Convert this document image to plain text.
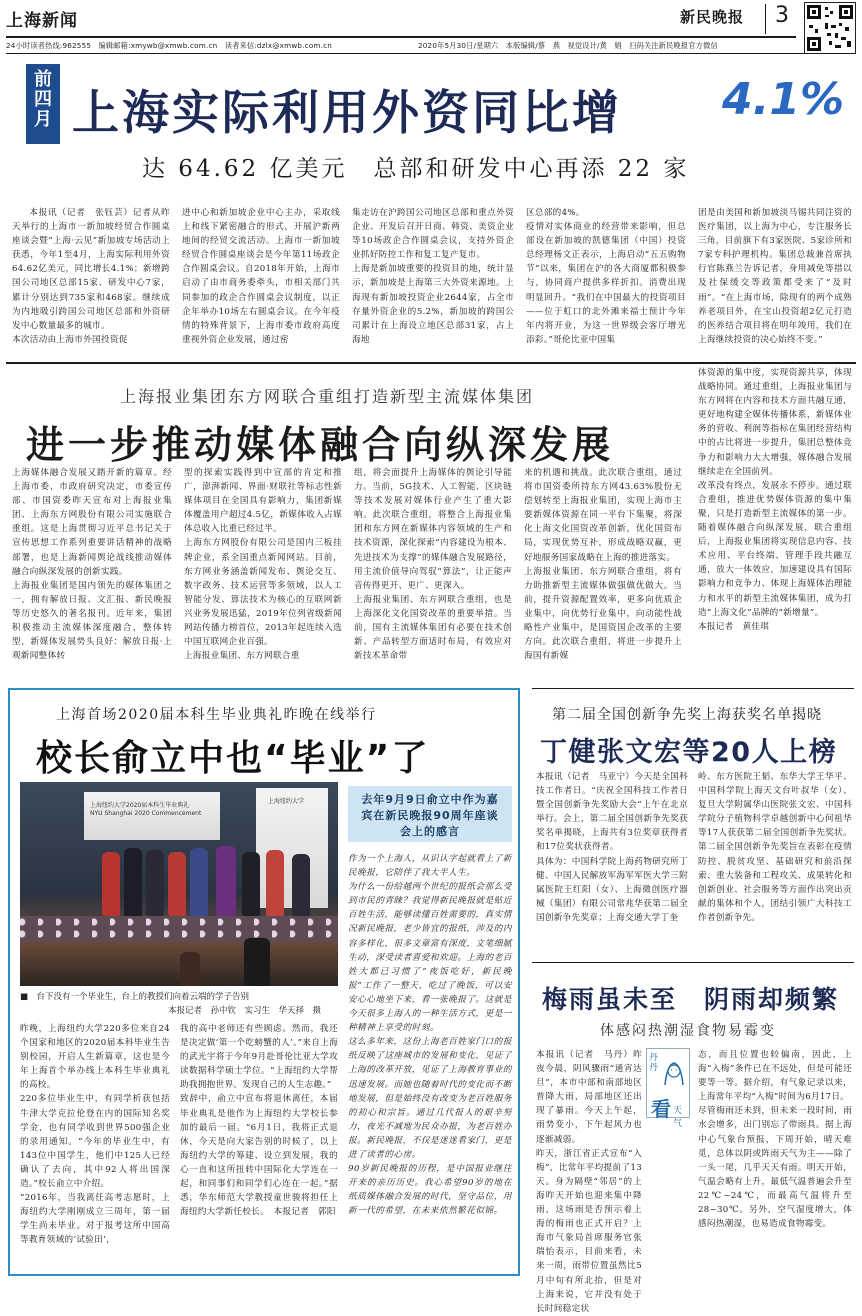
上海新闻	新民晚报 3
24小时读者热线:962555　编辑邮箱:xmywb@xmwb.com.cn　读者来信:dzlx@xmwb.com.cn	2020年5月30日/星期六　本版编辑/蔡　燕　视觉设计/黄　娟　扫码关注新民晚报官方微信
前四月 上海实际利用外资同比增 4.1%
达 64.62 亿美元　总部和研发中心再添 22 家
本报讯（记者　张钰芸）记者从昨天举行的上海市一新加坡经贸合作圆桌座谈会暨“上海·云见”新加坡专场活动上获悉，今年1至4月，上海实际利用外资64.62亿美元，同比增长4.1%；新增跨国公司地区总部15家、研发中心7家，累计分别达到735家和468家。继续成为内地吸引跨国公司地区总部和外资研发中心数量最多的城市。
本次活动由上海市外国投资促
进中心和新加坡企业中心主办，采取线上和线下紧密融合的形式，开展沪新两地间的经贸交流活动。上海市一新加坡经贸合作圆桌座谈会是今年第11场政企合作圆桌会议。自2018年开始，上海市启动了由市商务委牵头，市相关部门共同参加的政企合作圆桌会议制度，以正企年举办10场左右圆桌会议。在今年疫情的特殊背景下，上海市委市政府高度重视外资企业发展，通过密
集走访在沪跨国公司地区总部和重点外资企业、开发后召开日商、韩资、美资企业等10场政企合作圆桌会议，支持外资企业抓好防控工作和复工复产复市。
上海是新加坡重要的投资目的地，统计显示，新加坡是上海第三大外资来源地。上海现有新加坡投资企业2644家，占全市存量外资企业的5.2%，新加坡的跨国公司累计在上海设立地区总部31家，占上海地
区总部的4%。
疫情对实体商业的经营带来影响，但总部设在新加坡的凯德集团（中国）投资总经理杨文正表示，上海启动“五五购物节”以来，集团在沪的各大商厦都积极参与，协同商户提供多样折扣。消费出现明显回升。“我们在中国最大的投资项目——位于虹口的北外滩来福士预计今年年内将开业，为这一世界级会客厅增光添彩。”哥伦比亚中国集
团是由美国和新加坡淡马锡共同注资的医疗集团，以上海为中心，专注服务长三角，目前旗下有3家医院、5家诊所和7家专科护理机构。集团总裁兼首席执行官陈燕兰告诉记者，身用减免等措以及社保缓交等政策都受来了“及时雨”。“在上海市场，除现有的两个成熟养老项目外，在宝山投资超2亿元打造的医养结合项目将在明年竣用，我们在上海继续投资的决心始终不变。”
上海报业集团东方网联合重组打造新型主流媒体集团
进一步推动媒体融合向纵深发展
上海媒体融合发展又踏开新的篇章。经上海市委、市政府研究决定，市委宣传部、市国资委昨天宣布对上海报业集团、上海东方网股份有限公司实施联合重组。这是上海贯彻习近平总书记关于宣传思想工作系列重要讲话精神的战略部署，也是上海新闻舆论战线推动媒体融合向纵深发展的创新实践。
上海报业集团是国内领先的媒体集团之一，拥有解放日报、文汇报、新民晚报等历史悠久的著名报刊。近年来，集团积极推动主流媒体深度融合，整体转型，新媒体发展势头良好：解放日报·上观新闻整体转
型的探索实践得到中宣部的肯定和推广，澎湃新闻、界面·财联社等标志性新媒体项目在全国具有影响力，集团新媒体覆盖用户超过4.5亿，新媒体收入占媒体总收入比重已经过半。
上海东方网股份有限公司是国内三板挂牌企业，系全国重点新闻网站。目前，东方网业务涵盖新闻发布、舆论交互、数字政务、技术运营等多领域，以人工智能分发、算法技术为核心的互联网新兴业务发展迅猛，2019年位列省级新闻网站传播力榜首位，2013年起连续入选中国互联网企业百强。
上海报业集团、东方网联合重
组，将会面提升上海媒体的舆论引导能力。当前，5G技术、人工智能、区块链等技术发展对媒体行业产生了重大影响。此次联合重组，将整合上海报业集团和东方网在新媒体内容领域的生产和技术资源，深化探索“内容建设为根本、先进技术为支撑”的媒体融合发展路径，用主流价值导向驾驭“算法”，让正能声音传得更开、更广、更深入。
上海报业集团、东方网联合重组，也是上海深化文化国资改革的重要举措。当前，国有主流媒体集团有必要在技术创新、产品转型方面适时布局，有效应对新技术革命带
来的机遇和挑战。此次联合重组，通过将市国资委所持东方网43.63%股份无偿划转至上海报业集团，实现上海市主要新媒体资源在同一平台下集聚，将深化上海文化国资改革创新，优化国资布局，实现优势互补，形成战略双赢，更好地服务国家战略在上海的推进落实。
上海报业集团、东方网联合重组，将有力助推新型主流媒体做强做优做大。当前，提升资源配置效率，更多向优质企业集中，向优势行业集中，向动能性战略性产业集中，是国资国企改革的主要方向。此次联合重组，将进一步提升上海国有新媒
体资源的集中度，实现资源共享，体现战略协同。通过重组，上海报业集团与东方网将在内容和技术方面共融互通，更好地构建全媒体传播体系，新媒体业务的营收、利润等指标在集团经营结构中的占比将进一步提升，集团总整体竞争力和影响力大大增强，媒体融合发展继续走在全国前列。
改革没有终点，发展永不停步。通过联合重组，推进优势媒体资源的集中集聚，只是打造新型主流媒体的第一步。随着媒体融合向纵深发展，联合重组后，上海报业集团将实现信息内容、技术应用、平台终端、管理手段共融互通，放大一体效应，加速建设具有国际影响力和竞争力、体现上海媒体治理能力和水平的新型主流媒体集团，成为打造“上海文化”品牌的“新增量”。
本报记者　黄佳琪
上海首场2020届本科生毕业典礼昨晚在线举行
校长俞立中也“毕业”了
上海纽约大学2020届本科生毕业典礼
NYU Shanghai 2020 Commencement
上海纽约大学
■　台下没有一个毕业生，台上的教授们向着云端的学子告别
本报记者　孙中钦　实习生　华天择　摄
去年9月9日俞立中作为嘉宾在新民晚报90周年座谈会上的感言
作为一个上海人，从识认字起就看上了新民晚报，它陪伴了我大半人生。
为什么一份给越两个世纪的报纸会那么受到市民的青睐？我觉得新民晚报就是贴近百姓生活，能够读懂百姓需要的，真实情况新民晚报，老少皆宜的报纸，涉及的内容多样化，很多文章富有深度，文笔细腻生动，深受读者喜爱和欢迎。上海的老百姓大都已习惯了“夜饭吃好，新民晚报”工作了一整天，吃过了晚饭，可以安安心心地坐下来，看一张晚报了。这就是今天很多上海人的一种生活方式，更是一种精神上享受的时刻。
这么多年来，这份上海老百姓家门口的报纸反映了这座城市的发展和变化，见证了上海的改革开放，见证了上海教育事业的迅速发展。而她也随着时代的变化而不断地发展，但是始终没有改变为老百姓服务的初心和宗旨。通过几代报人的艰辛努力，夜光不减地为民众办报，为老百姓办报。新民晚报，不仅是迷迷看家门，更是进了读者的心房。
90岁新民晚报的历程，是中国报业继往开来的亲历历史。我心希望90岁的地在纸质媒体融合发展的时代，坚守品位，用新一代的希望，在未来依然繁花似锦。
昨晚，上海纽约大学220多位来自24个国家和地区的2020届本科毕业生告别校园，开启人生新篇章，这也是今年上海首个举办线上本科生毕业典礼的高校。
220多位毕业生中，有同学析获包括牛津大学克拉伦登在内的国际知名奖学金，也有同学收到世界500强企业的录用通知。“今年的毕业生中，有143位中国学生，他们中125人已经确认了去向，其中92人将出国深造。”校长俞立中介绍。
“2016年，当我离任高考志愿时，上海纽约大学刚刚成立三周年，第一届学生尚未毕业。对于报考这所中国高等教育领域的‘试验田’，
我的高中老师还有些顾虑。然而，我还是决定做‘第一个吃螃蟹的人’。”来自上海的武光宇将于今年9月赴哥伦比亚大学攻读数据科学硕士学位。“上海纽约大学帮助我拥抱世界。发现自己的人生志趣。”
致辞中，俞立中宣布将退休离任，本届毕业典礼是他作为上海纽约大学校长参加的最后一届。“6月1日，我将正式退休，今天是向大家告别的时候了，以上海纽约大学的筹建、设立到发展，我的心一直和这所扭转中国际化大学连在一起，和同事们和同学们心连在一起。”据悉，华东师范大学教授童世骏将担任上海纽约大学新任校长。　本报记者　郭阳
第二届全国创新争先奖上海获奖名单揭晓
丁健张文宏等20人上榜
本报讯（记者　马亚宁）今天是全国科技工作者日。“庆祝全国科技工作者日暨全国创新争先奖励大会”上午在北京举行。会上，第二届全国创新争先奖获奖名单揭晓，上海共有3位奖章获得者和17位奖状获得者。
具体为：中国科学院上海药物研究所丁健、中国人民解放军海军军医大学三附属医院王红阳（女）、上海微创医疗器械（集团）有限公司常兆华获第二届全国创新争先奖章；上海交通大学丁奎
岭、东方医院王韬、东华大学王华平、中国科学院上海天文台叶叔华（女）、复旦大学附属华山医院张文宏、中国科学院分子植物科学卓越创新中心何祖华等17人获获第二届全国创新争先奖状。
第二届全国创新争先奖旨在表彰在疫情防控、脱贫攻坚、基础研究和前沿探索、重大装备和工程攻关、成果转化和创新创业、社会服务等方面作出突出贡献的集体和个人，团结引领广大科技工作者创新争先。
梅雨虽未至　阴雨却频繁
体感闷热潮湿食物易霉变
丹丹
看 天气
本报讯（记者　马丹）昨夜今晨，阴风骤雨“通宵达旦”，本市中部和南部地区普降大雨，局部地区还出现了暴雨。今天上午起，雨势变小，下午起风力也逐渐减弱。
昨天，浙江省正式宣布“入梅”，比常年平均提前了13天。身为隔壁“邻居”的上海昨天开始也迎来集中降雨，这场雨是否预示着上海的梅雨也正式开启？上海市气象局首席服务官张瑞怡表示，目前来看，未来一周，雨带位置虽然比5月中旬有所北抬，但是对上海来说，它并没有处于长时间稳定状
态，而且位置也较偏南，因此，上海“入梅”条件已在不远处，但是可能还要等一等。据介绍，有气象记录以来，上海常年平均“入梅”时间为6月17日。
尽管梅雨还未到，但未来一段时间，雨水会增多，出门别忘了带雨具。据上海中心气象台预报，下周开始，晴天难觅，总体以阴或阵雨天气为主——除了一头一尾，几乎天天有雨。明天开始，气温会略有上升，最低气温普遍会升至22℃~24℃，而最高气温将升至28~30℃。另外，空气湿度增大，体感闷热潮湿，也易造成食物霉变。
